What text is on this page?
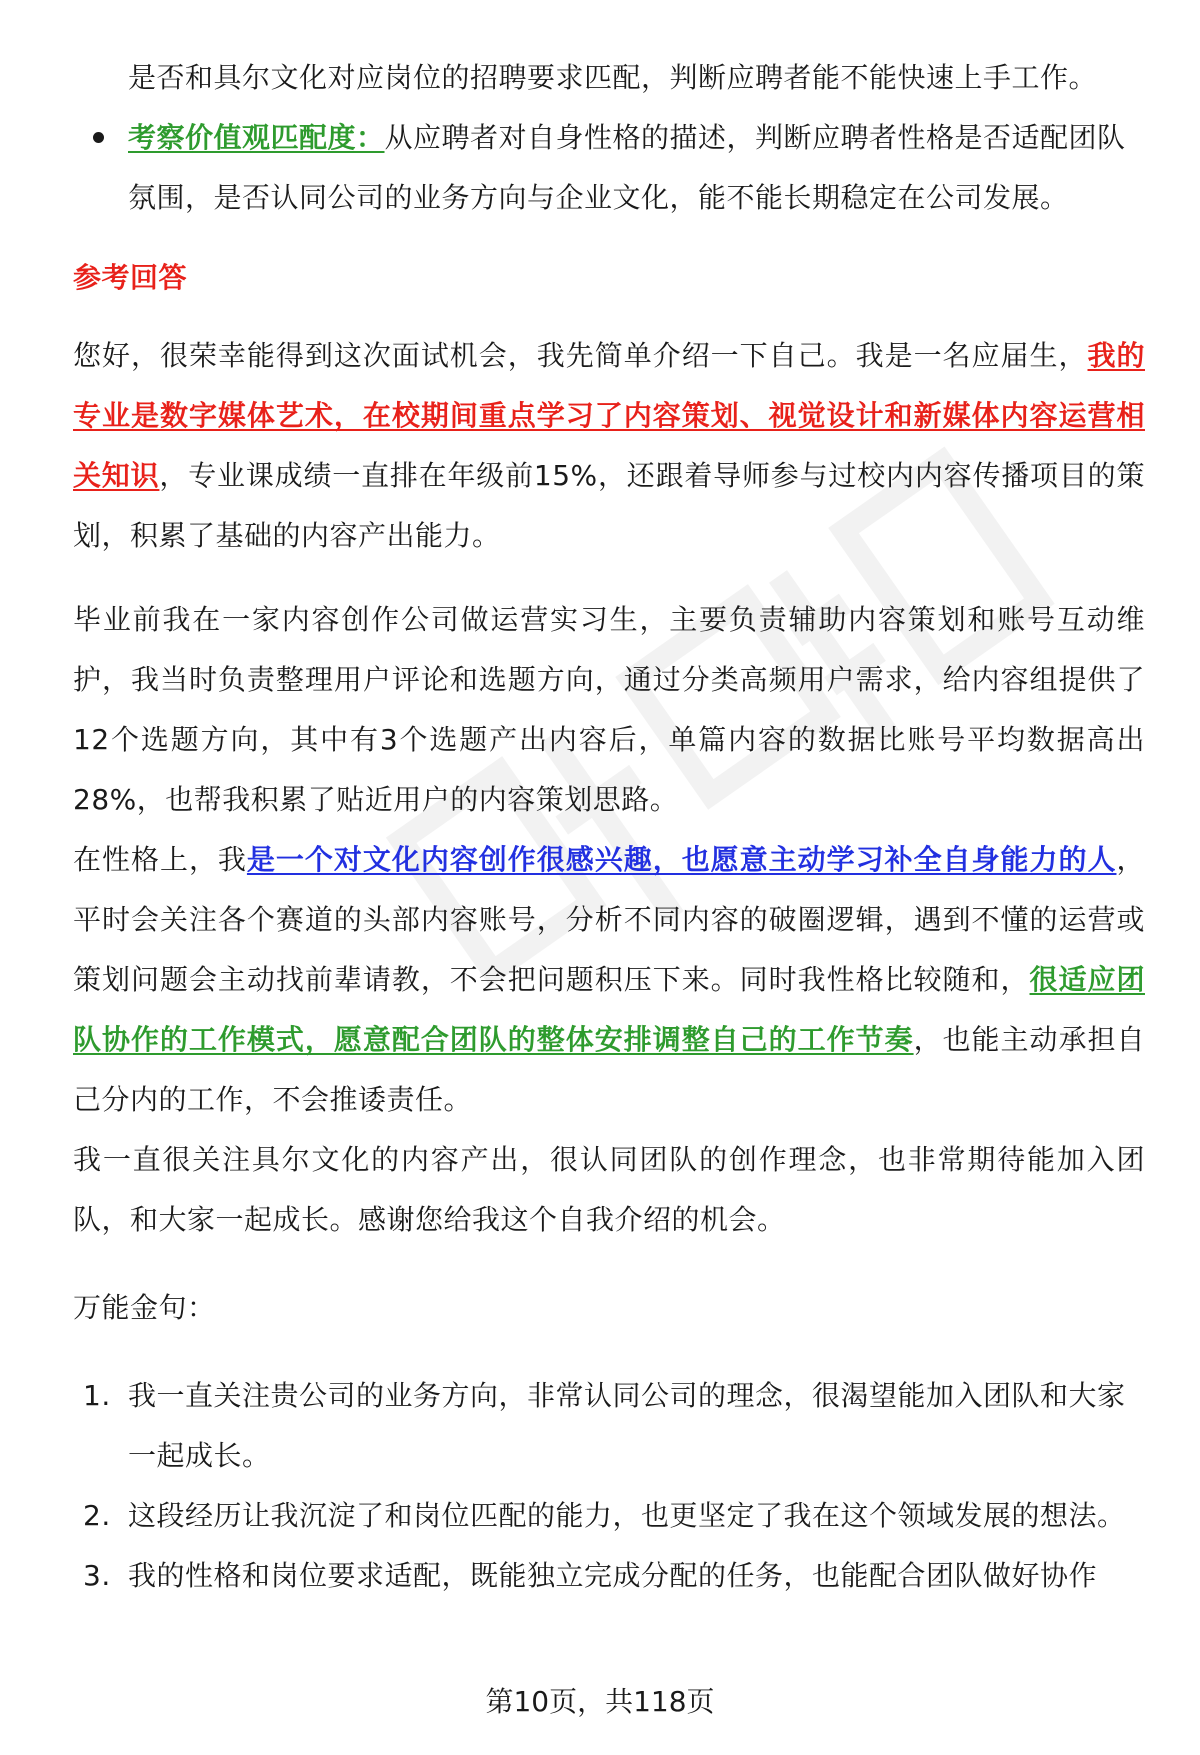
是否和具尔文化对应岗位的招聘要求匹配，判断应聘者能不能快速上手工作。

考察价值观匹配度：从应聘者对自身性格的描述，判断应聘者性格是否适配团队氛围，是否认同公司的业务方向与企业文化，能不能长期稳定在公司发展。
参考回答

您好，很荣幸能得到这次面试机会，我先简单介绍一下自己。我是一名应届生，我的专业是数字媒体艺术，在校期间重点学习了内容策划、视觉设计和新媒体内容运营相关知识，专业课成绩一直排在年级前15%，还跟着导师参与过校内内容传播项目的策划，积累了基础的内容产出能力。

毕业前我在一家内容创作公司做运营实习生，主要负责辅助内容策划和账号互动维护，我当时负责整理用户评论和选题方向，通过分类高频用户需求，给内容组提供了12个选题方向，其中有3个选题产出内容后，单篇内容的数据比账号平均数据高出28%，也帮我积累了贴近用户的内容策划思路。

在性格上，我是一个对文化内容创作很感兴趣，也愿意主动学习补全自身能力的人，平时会关注各个赛道的头部内容账号，分析不同内容的破圈逻辑，遇到不懂的运营或策划问题会主动找前辈请教，不会把问题积压下来。同时我性格比较随和，很适应团队协作的工作模式，愿意配合团队的整体安排调整自己的工作节奏，也能主动承担自己分内的工作，不会推诿责任。

我一直很关注具尔文化的内容产出，很认同团队的创作理念，也非常期待能加入团队，和大家一起成长。感谢您给我这个自我介绍的机会。

万能金句：
1. 我一直关注贵公司的业务方向，非常认同公司的理念，很渴望能加入团队和大家一起成长。
2. 这段经历让我沉淀了和岗位匹配的能力，也更坚定了我在这个领域发展的想法。
3. 我的性格和岗位要求适配，既能独立完成分配的任务，也能配合团队做好协作
第10页，共118页
